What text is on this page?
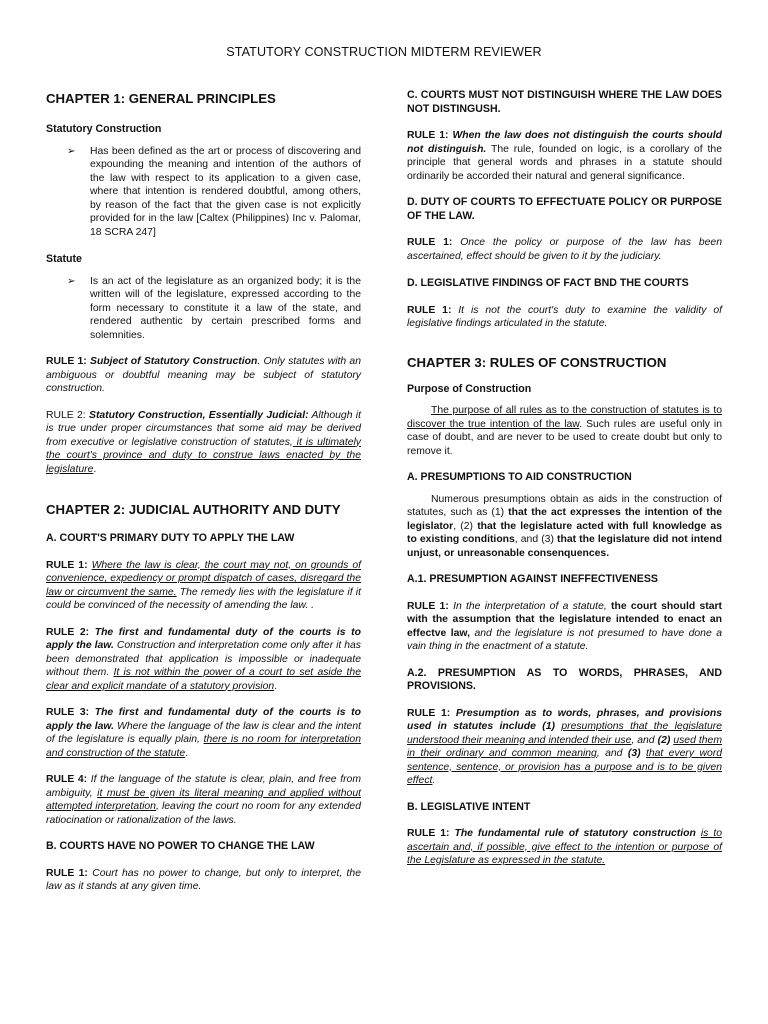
STATUTORY CONSTRUCTION MIDTERM REVIEWER
CHAPTER 1: GENERAL PRINCIPLES
Statutory Construction

➢ Has been defined as the art or process of discovering and expounding the meaning and intention of the authors of the law with respect to its application to a given case, where that intention is rendered doubtful, among others, by reason of the fact that the given case is not explicitly provided for in the law [Caltex (Philippines) Inc v. Palomar, 18 SCRA 247]

Statute

➢ Is an act of the legislature as an organized body; it is the written will of the legislature, expressed according to the form necessary to constitute it a law of the state, and rendered authentic by certain prescribed forms and solemnities.

RULE 1: Subject of Statutory Construction. Only statutes with an ambiguous or doubtful meaning may be subject of statutory construction.

RULE 2: Statutory Construction, Essentially Judicial: Although it is true under proper circumstances that some aid may be derived from executive or legislative construction of statutes, it is ultimately the court's province and duty to construe laws enacted by the legislature.

CHAPTER 2: JUDICIAL AUTHORITY AND DUTY
A. COURT'S PRIMARY DUTY TO APPLY THE LAW

RULE 1: Where the law is clear, the court may not, on grounds of convenience, expediency or prompt dispatch of cases, disregard the law or circumvent the same. The remedy lies with the legislature if it could be convinced of the necessity of amending the law. .

RULE 2: The first and fundamental duty of the courts is to apply the law. Construction and interpretation come only after it has been demonstrated that application is impossible or inadequate without them. It is not within the power of a court to set aside the clear and explicit mandate of a statutory provision.

RULE 3: The first and fundamental duty of the courts is to apply the law. Where the language of the law is clear and the intent of the legislature is equally plain, there is no room for interpretation and construction of the statute.

RULE 4: If the language of the statute is clear, plain, and free from ambiguity, it must be given its literal meaning and applied without attempted interpretation, leaving the court no room for any extended ratiocination or rationalization of the laws.

B. COURTS HAVE NO POWER TO CHANGE THE LAW

RULE 1: Court has no power to change, but only to interpret, the law as it stands at any given time.

C. COURTS MUST NOT DISTINGUISH WHERE THE LAW DOES NOT DISTINGUSH.

RULE 1: When the law does not distinguish the courts should not distinguish. The rule, founded on logic, is a corollary of the principle that general words and phrases in a statute should ordinarily be accorded their natural and general significance.

D. DUTY OF COURTS TO EFFECTUATE POLICY OR PURPOSE OF THE LAW.

RULE 1: Once the policy or purpose of the law has been ascertained, effect should be given to it by the judiciary.

D. LEGISLATIVE FINDINGS OF FACT BND THE COURTS

RULE 1: It is not the court's duty to examine the validity of legislative findings articulated in the statute.

CHAPTER 3: RULES OF CONSTRUCTION
Purpose of Construction

The purpose of all rules as to the construction of statutes is to discover the true intention of the law. Such rules are useful only in case of doubt, and are never to be used to create doubt but only to remove it.

A. PRESUMPTIONS TO AID CONSTRUCTION

Numerous presumptions obtain as aids in the construction of statutes, such as (1) that the act expresses the intention of the legislator, (2) that the legislature acted with full knowledge as to existing conditions, and (3) that the legislature did not intend unjust, or unreasonable consenquences.

A.1. PRESUMPTION AGAINST INEFFECTIVENESS

RULE 1: In the interpretation of a statute, the court should start with the assumption that the legislature intended to enact an effectve law, and the legislature is not presumed to have done a vain thing in the enactment of a statute.

A.2. PRESUMPTION AS TO WORDS, PHRASES, AND PROVISIONS.

RULE 1: Presumption as to words, phrases, and provisions used in statutes include (1) presumptions that the legislature understood their meaning and intended their use, and (2) used them in their ordinary and common meaning, and (3) that every word sentence, sentence, or provision has a purpose and is to be given effect.

B. LEGISLATIVE INTENT

RULE 1: The fundamental rule of statutory construction is to ascertain and, if possible, give effect to the intention or purpose of the Legislature as expressed in the statute.
